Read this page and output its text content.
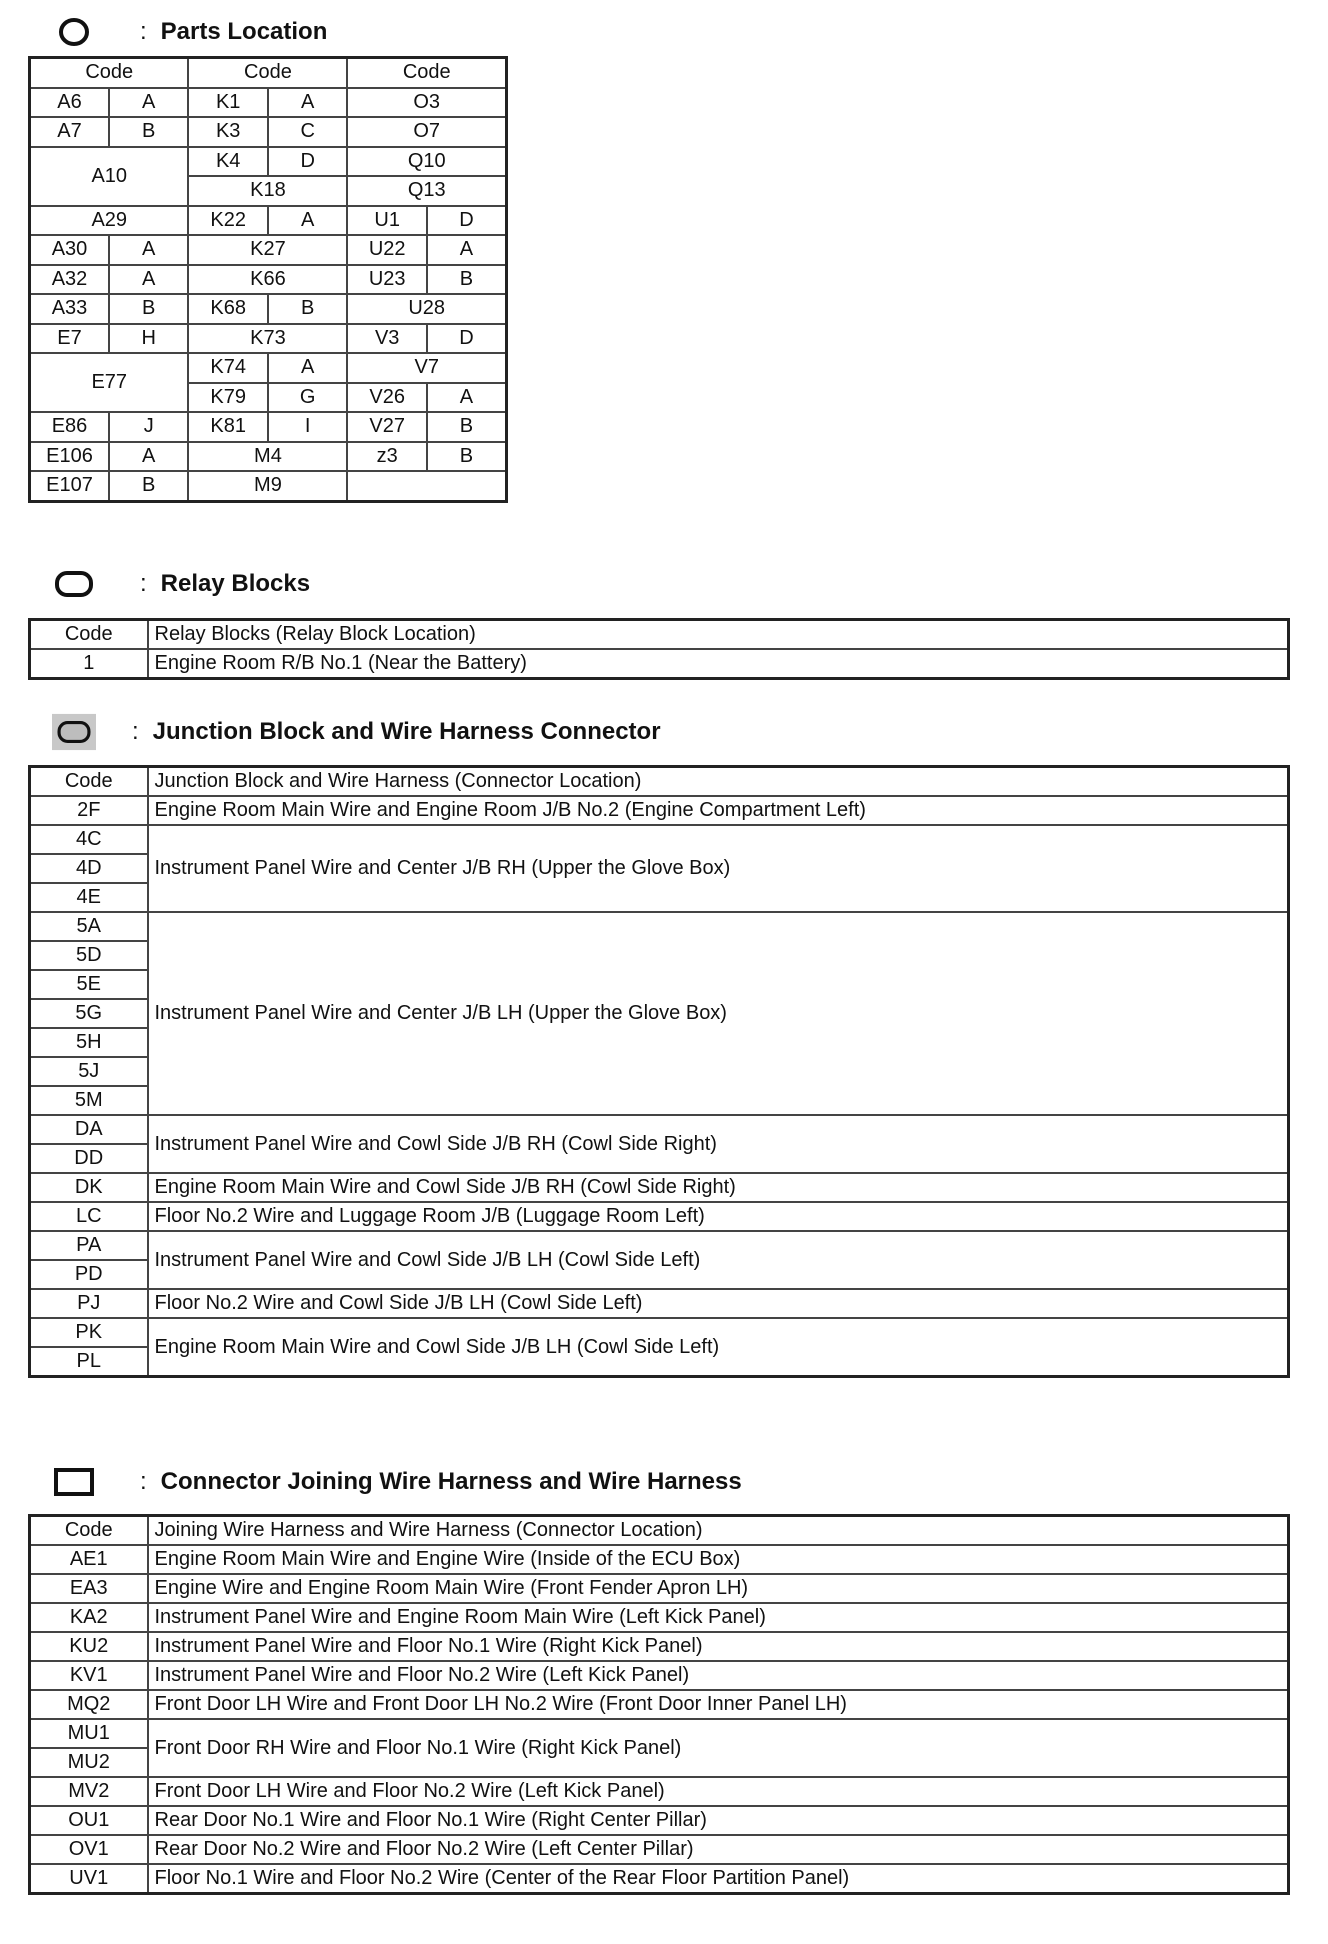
: Parts Location
Code		Code		Code	
A6	A	K1	A	O3	
A7	B	K3	C	O7	
A10		K4	D	Q10	
		K18		Q13	
A29		K22	A	U1	D
A30	A	K27		U22	A
A32	A	K66		U23	B
A33	B	K68	B	U28	
E7	H	K73		V3	D
E77		K74	A	V7	
		K79	G	V26	A
E86	J	K81	I	V27	B
E106	A	M4		z3	B
E107	B	M9			
: Relay Blocks
Code	Relay Blocks (Relay Block Location)
1	Engine Room R/B No.1 (Near the Battery)
: Junction Block and Wire Harness Connector
Code	Junction Block and Wire Harness (Connector Location)
2F	Engine Room Main Wire and Engine Room J/B No.2 (Engine Compartment Left)
4C	Instrument Panel Wire and Center J/B RH (Upper the Glove Box)
4D	
4E	
5A	Instrument Panel Wire and Center J/B LH (Upper the Glove Box)
5D	
5E	
5G	
5H	
5J	
5M	
DA	Instrument Panel Wire and Cowl Side J/B RH (Cowl Side Right)
DD	
DK	Engine Room Main Wire and Cowl Side J/B RH (Cowl Side Right)
LC	Floor No.2 Wire and Luggage Room J/B (Luggage Room Left)
PA	Instrument Panel Wire and Cowl Side J/B LH (Cowl Side Left)
PD	
PJ	Floor No.2 Wire and Cowl Side J/B LH (Cowl Side Left)
PK	Engine Room Main Wire and Cowl Side J/B LH (Cowl Side Left)
PL	
: Connector Joining Wire Harness and Wire Harness
Code	Joining Wire Harness and Wire Harness (Connector Location)
AE1	Engine Room Main Wire and Engine Wire (Inside of the ECU Box)
EA3	Engine Wire and Engine Room Main Wire (Front Fender Apron LH)
KA2	Instrument Panel Wire and Engine Room Main Wire (Left Kick Panel)
KU2	Instrument Panel Wire and Floor No.1 Wire (Right Kick Panel)
KV1	Instrument Panel Wire and Floor No.2 Wire (Left Kick Panel)
MQ2	Front Door LH Wire and Front Door LH No.2 Wire (Front Door Inner Panel LH)
MU1	Front Door RH Wire and Floor No.1 Wire (Right Kick Panel)
MU2	
MV2	Front Door LH Wire and Floor No.2 Wire (Left Kick Panel)
OU1	Rear Door No.1 Wire and Floor No.1 Wire (Right Center Pillar)
OV1	Rear Door No.2 Wire and Floor No.2 Wire (Left Center Pillar)
UV1	Floor No.1 Wire and Floor No.2 Wire (Center of the Rear Floor Partition Panel)
